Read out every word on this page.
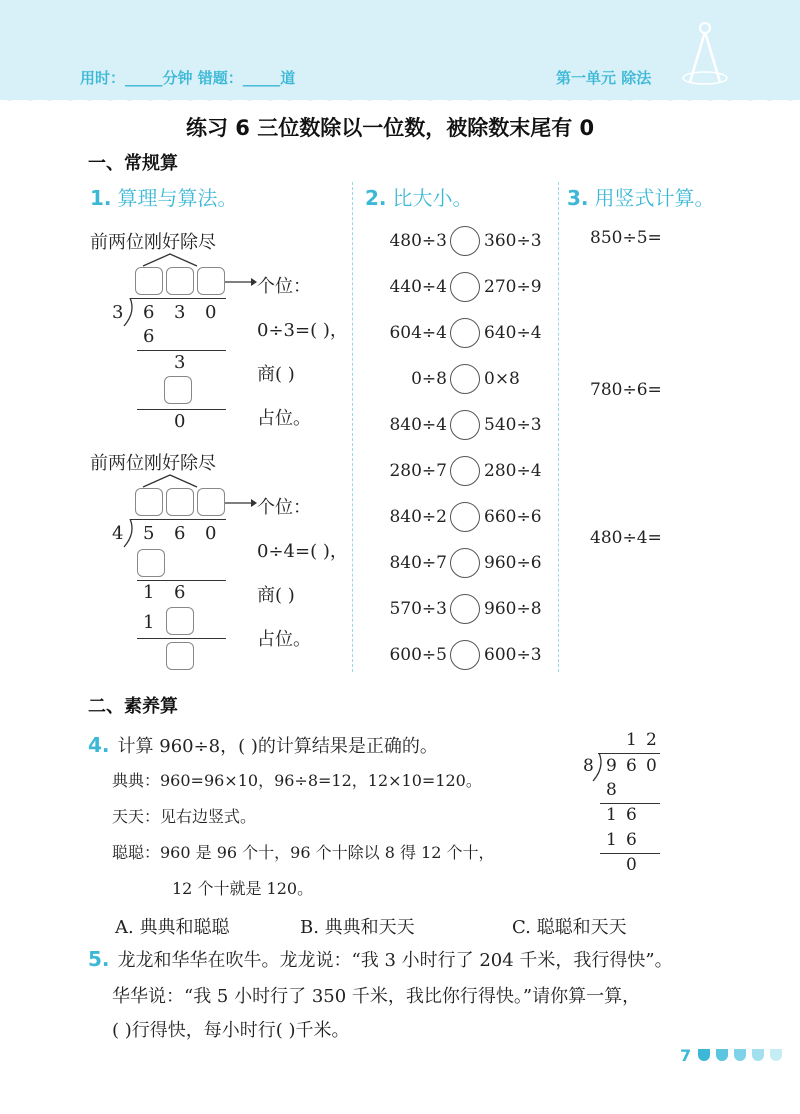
用时：_____分钟 错题：_____道	第一单元 除法
练习 6 三位数除以一位数，被除数末尾有 0
一、常规算
1. 算理与算法。
前两位刚好除尽
个位：
3 6 3 0
6
3
0
0÷3=( )，
商( )
占位。
前两位刚好除尽
个位：
4 5 6 0
1 6
1
0÷4=( )，
商( )
占位。
2. 比大小。
480÷3 360÷3
440÷4 270÷9
604÷4 640÷4
0÷8 0×8
840÷4 540÷3
280÷7 280÷4
840÷2 660÷6
840÷7 960÷6
570÷3 960÷8
600÷5 600÷3
3. 用竖式计算。
850÷5=
780÷6=
480÷4=
二、素养算
4. 计算 960÷8，( )的计算结果是正确的。
典典：960=96×10，96÷8=12，12×10=120。
天天：见右边竖式。
聪聪：960 是 96 个十，96 个十除以 8 得 12 个十，
12 个十就是 120。
A. 典典和聪聪	B. 典典和天天	C. 聪聪和天天
1 2
8 9 6 0
8
1 6
1 6
0
5. 龙龙和华华在吹牛。龙龙说：“我 3 小时行了 204 千米，我行得快”。
华华说：“我 5 小时行了 350 千米，我比你行得快。”请你算一算，
( )行得快，每小时行( )千米。
7
